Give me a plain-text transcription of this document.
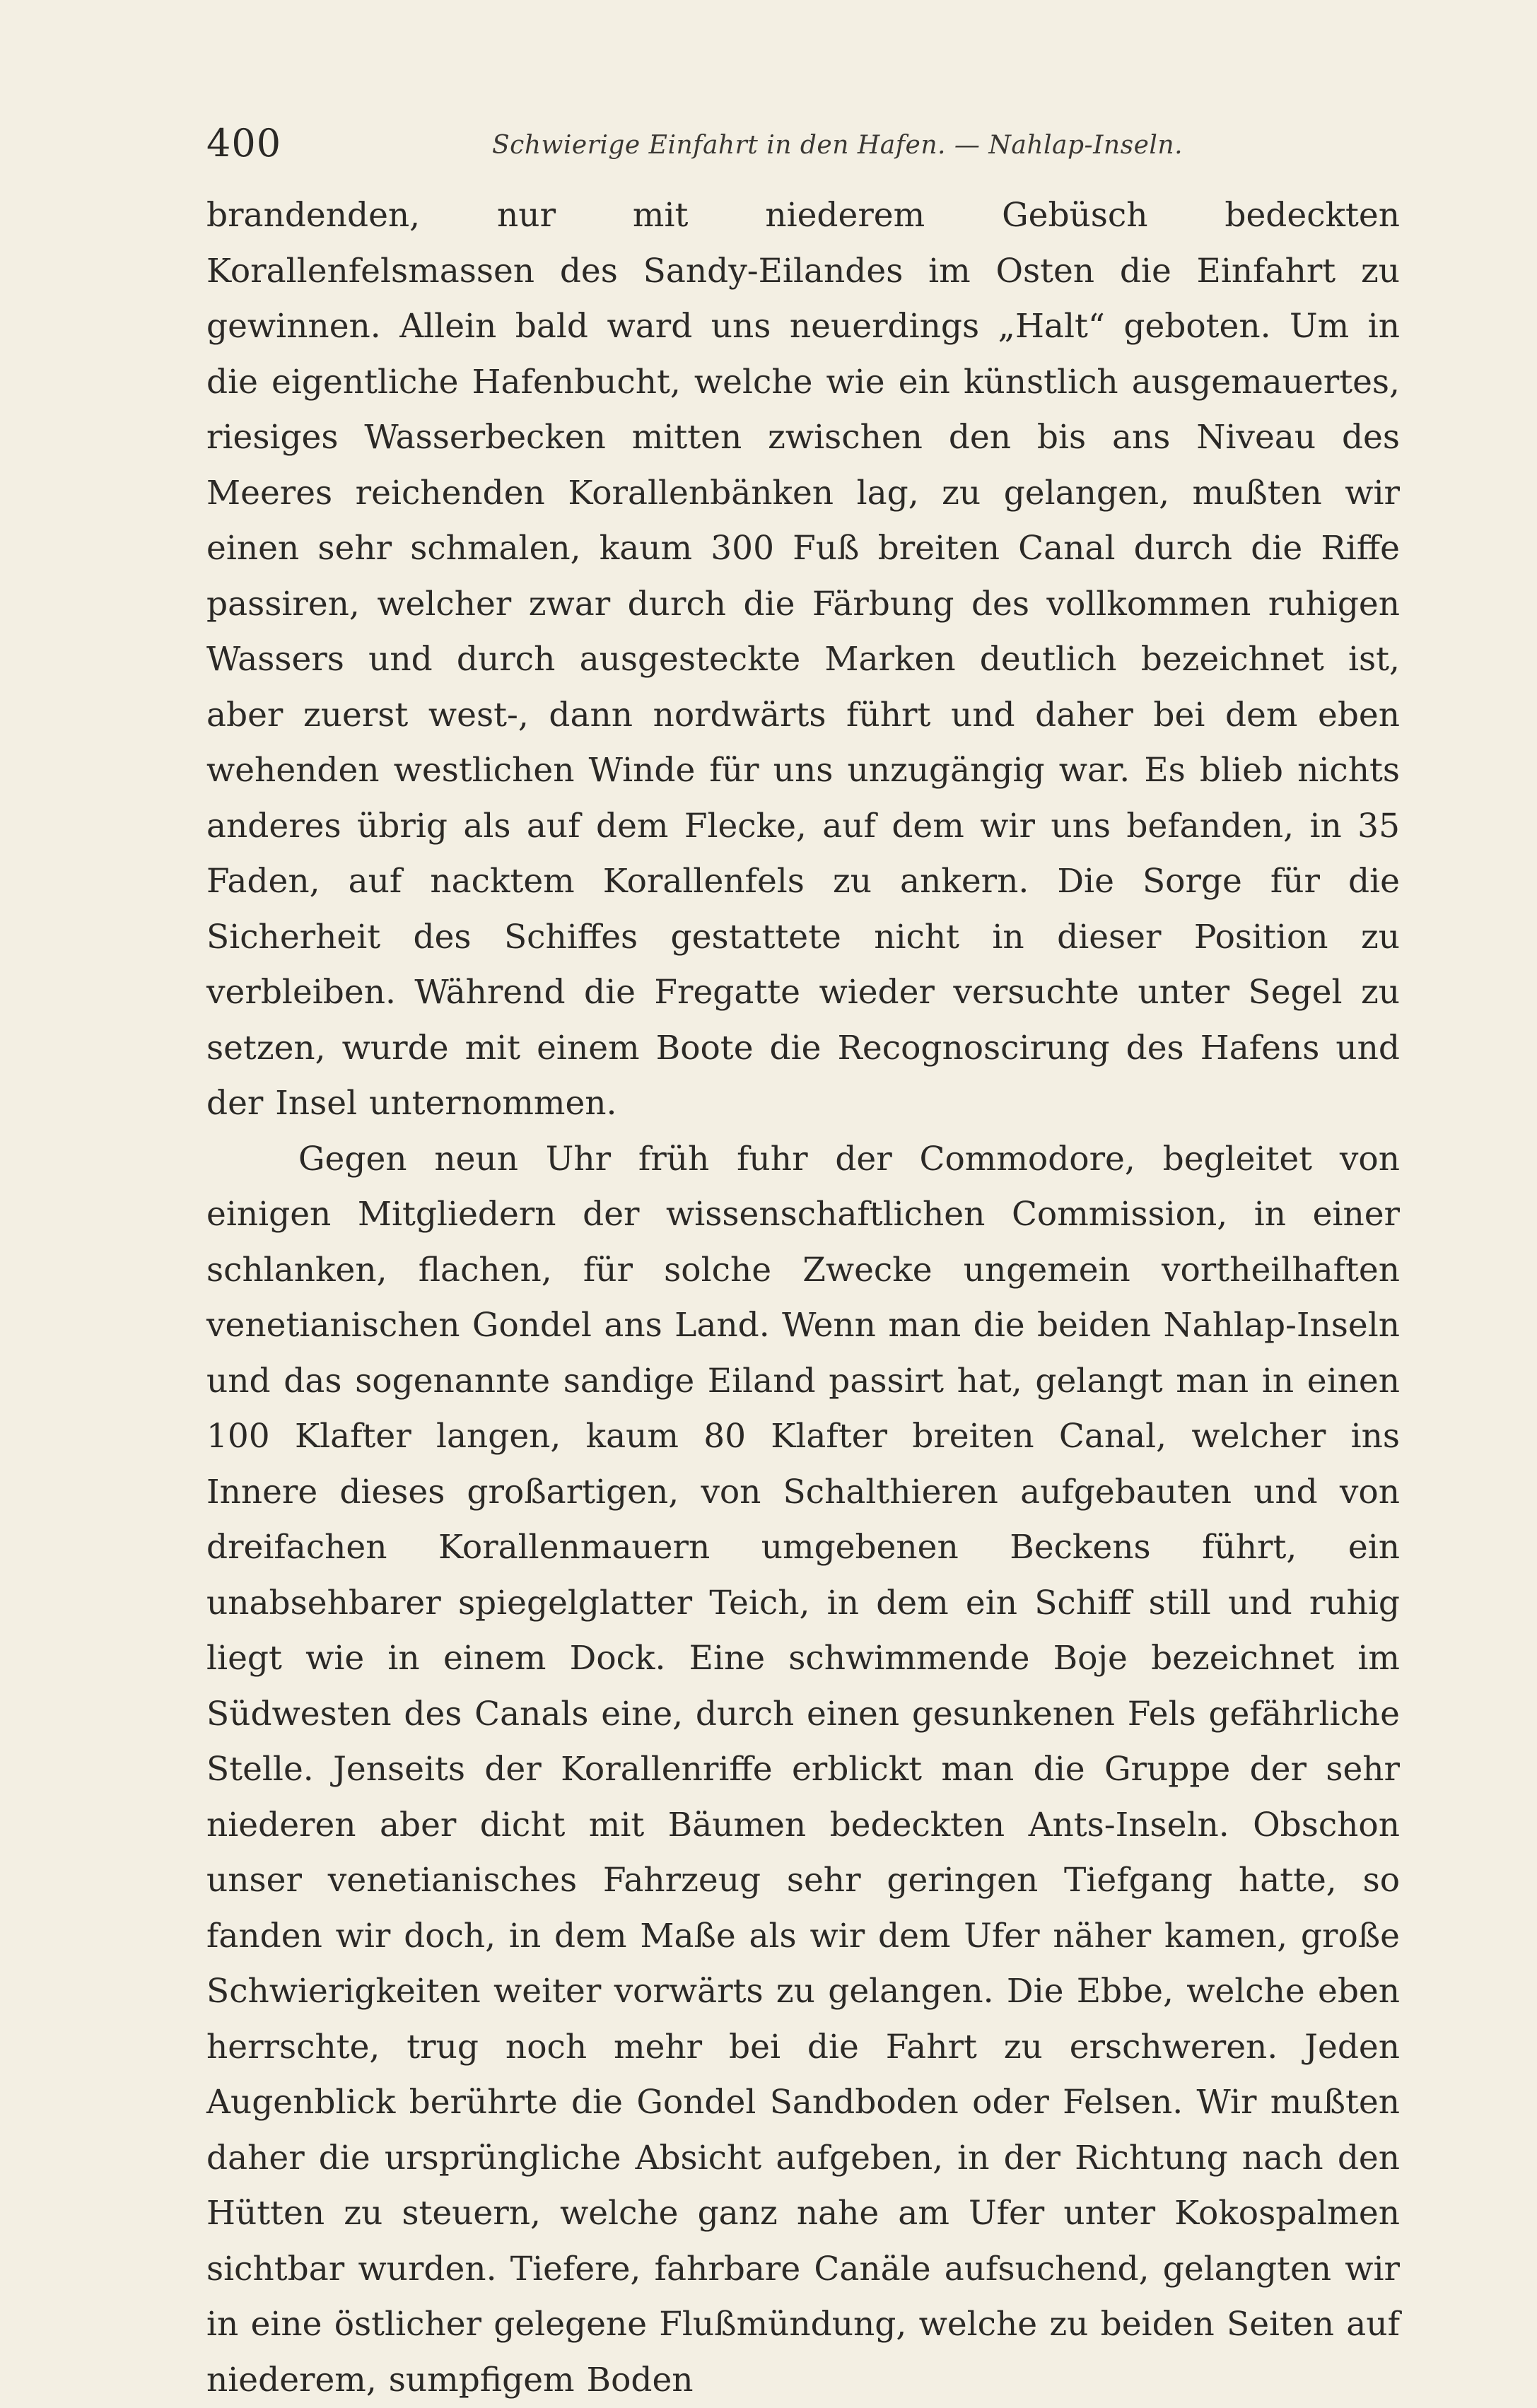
400	Schwierige Einfahrt in den Hafen. — Nahlap-Inseln.

brandenden, nur mit niederem Gebüsch bedeckten Korallenfelsmassen des Sandy-Eilandes im Osten die Einfahrt zu gewinnen. Allein bald ward uns neuerdings „Halt“ geboten. Um in die eigentliche Hafenbucht, welche wie ein künstlich ausgemauertes, riesiges Wasserbecken mitten zwischen den bis ans Niveau des Meeres reichenden Korallenbänken lag, zu gelangen, mußten wir einen sehr schmalen, kaum 300 Fuß breiten Canal durch die Riffe passiren, welcher zwar durch die Färbung des vollkommen ruhigen Wassers und durch ausgesteckte Marken deutlich bezeichnet ist, aber zuerst west-, dann nordwärts führt und daher bei dem eben wehenden westlichen Winde für uns unzugängig war. Es blieb nichts anderes übrig als auf dem Flecke, auf dem wir uns befanden, in 35 Faden, auf nacktem Korallenfels zu ankern. Die Sorge für die Sicherheit des Schiffes gestattete nicht in dieser Position zu verbleiben. Während die Fregatte wieder versuchte unter Segel zu setzen, wurde mit einem Boote die Recognoscirung des Hafens und der Insel unternommen.

Gegen neun Uhr früh fuhr der Commodore, begleitet von einigen Mitgliedern der wissenschaftlichen Commission, in einer schlanken, flachen, für solche Zwecke ungemein vortheilhaften venetianischen Gondel ans Land. Wenn man die beiden Nahlap-Inseln und das sogenannte sandige Eiland passirt hat, gelangt man in einen 100 Klafter langen, kaum 80 Klafter breiten Canal, welcher ins Innere dieses großartigen, von Schalthieren aufgebauten und von dreifachen Korallenmauern umgebenen Beckens führt, ein unabsehbarer spiegelglatter Teich, in dem ein Schiff still und ruhig liegt wie in einem Dock. Eine schwimmende Boje bezeichnet im Südwesten des Canals eine, durch einen gesunkenen Fels gefährliche Stelle. Jenseits der Korallenriffe erblickt man die Gruppe der sehr niederen aber dicht mit Bäumen bedeckten Ants-Inseln. Obschon unser venetianisches Fahrzeug sehr geringen Tiefgang hatte, so fanden wir doch, in dem Maße als wir dem Ufer näher kamen, große Schwierigkeiten weiter vorwärts zu gelangen. Die Ebbe, welche eben herrschte, trug noch mehr bei die Fahrt zu erschweren. Jeden Augenblick berührte die Gondel Sandboden oder Felsen. Wir mußten daher die ursprüngliche Absicht aufgeben, in der Richtung nach den Hütten zu steuern, welche ganz nahe am Ufer unter Kokospalmen sichtbar wurden. Tiefere, fahrbare Canäle aufsuchend, gelangten wir in eine östlicher gelegene Flußmündung, welche zu beiden Seiten auf niederem, sumpfigem Boden
